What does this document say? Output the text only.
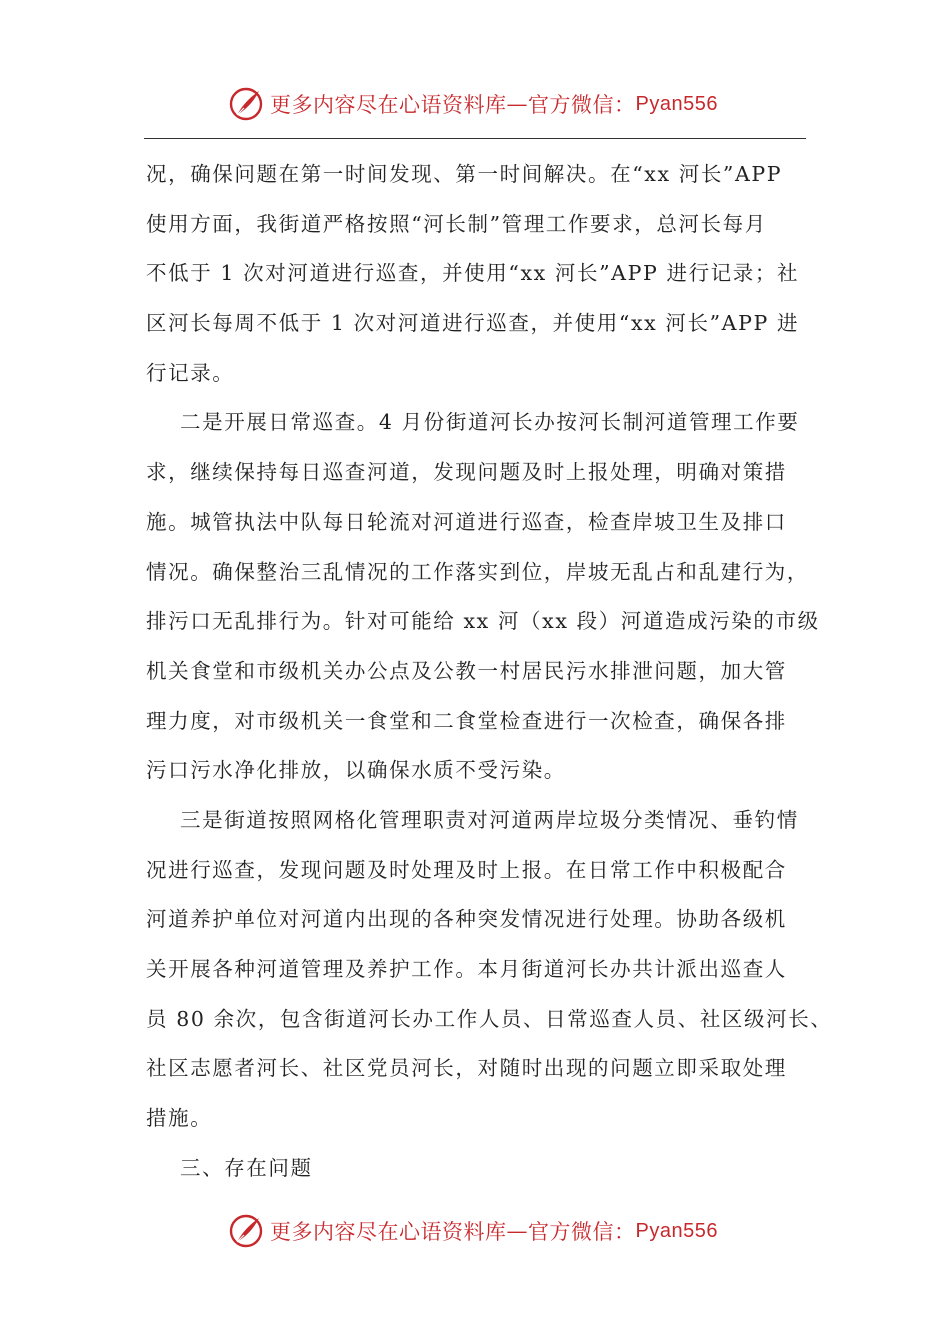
更多内容尽在心语资料库 — 官方微信： Pyan556
况，确保问题在第一时间发现、第一时间解决。在“xx 河长”APP
使用方面，我街道严格按照“河长制”管理工作要求，总河长每月
不低于 1 次对河道进行巡查，并使用“xx 河长”APP 进行记录；社
区河长每周不低于 1 次对河道进行巡查，并使用“xx 河长”APP 进
行记录。
二是开展日常巡查。4 月份街道河长办按河长制河道管理工作要
求，继续保持每日巡查河道，发现问题及时上报处理，明确对策措
施。城管执法中队每日轮流对河道进行巡查，检查岸坡卫生及排口
情况。确保整治三乱情况的工作落实到位，岸坡无乱占和乱建行为，
排污口无乱排行为。针对可能给 xx 河（xx 段）河道造成污染的市级
机关食堂和市级机关办公点及公教一村居民污水排泄问题，加大管
理力度，对市级机关一食堂和二食堂检查进行一次检查，确保各排
污口污水净化排放，以确保水质不受污染。
三是街道按照网格化管理职责对河道两岸垃圾分类情况、垂钓情
况进行巡查，发现问题及时处理及时上报。在日常工作中积极配合
河道养护单位对河道内出现的各种突发情况进行处理。协助各级机
关开展各种河道管理及养护工作。本月街道河长办共计派出巡查人
员 80 余次，包含街道河长办工作人员、日常巡查人员、社区级河长、
社区志愿者河长、社区党员河长，对随时出现的问题立即采取处理
措施。
三、存在问题
更多内容尽在心语资料库 — 官方微信： Pyan556
